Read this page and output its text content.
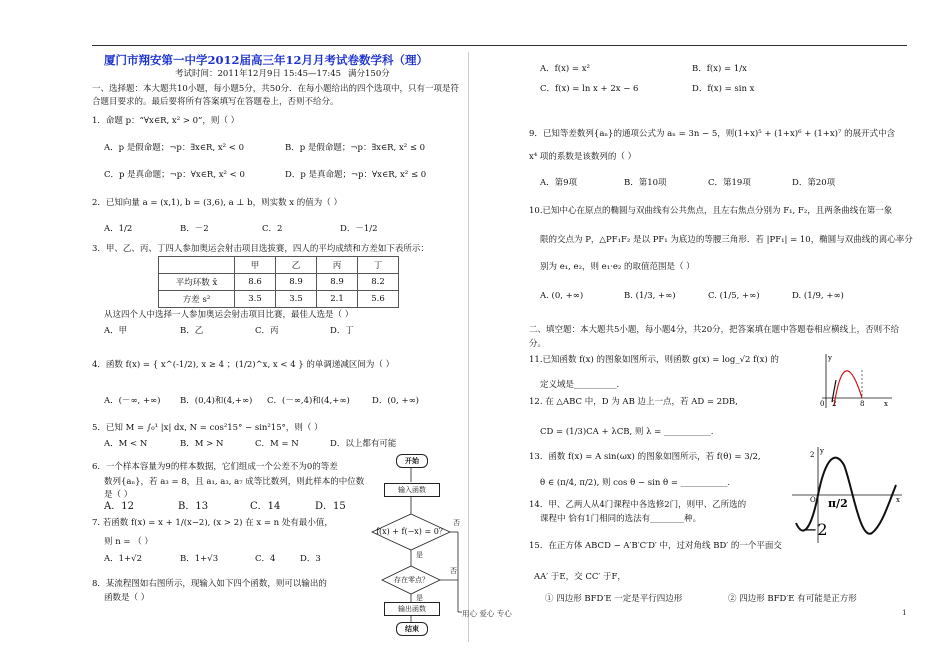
厦门市翔安第一中学2012届高三年12月月考试卷数学科（理）
考试时间：2011年12月9日 15:45—17:45 满分150分
一、选择题：本大题共10小题，每小题5分，共50分．在每小题给出的四个选项中，只有一项是符
合题目要求的。最后要将所有答案填写在答题卷上，否则不给分。
1．命题 p：“∀x∈R, x² > 0”，则（ ）
A．p 是假命题；¬p：∃x∈R, x² < 0	B．p 是假命题；¬p：∃x∈R, x² ≤ 0
C．p 是真命题；¬p：∀x∈R, x² < 0	D．p 是真命题；¬p：∀x∈R, x² ≤ 0
2．已知向量 a = (x,1), b = (3,6), a ⊥ b，则实数 x 的值为（ ）
A．1/2	B．－2	C．2	D．－1/2
3．甲、乙、丙、丁四人参加奥运会射击项目选拔赛，四人的平均成绩和方差如下表所示：
	甲	乙	丙	丁
平均环数 x̄	8.6	8.9	8.9	8.2
方差 s²	3.5	3.5	2.1	5.6
从这四个人中选择一人参加奥运会射击项目比赛，最佳人选是（ ）
A．甲	B．乙	C．丙	D．丁
4．函数 f(x) = { x^(-1/2), x ≥ 4 ；(1/2)^x, x < 4 } 的单调递减区间为（ ）
A．(－∞, +∞) B．(0,4)和(4,+∞) C．(－∞,4)和(4,+∞)	D．(0, +∞)
5．已知 M = ∫₀¹ |x| dx, N = cos²15° − sin²15°，则（ ）
A．M < N	B．M > N	C．M = N	D．以上都有可能
6．一个样本容量为9的样本数据，它们组成一个公差不为0的等差
数列{aₙ}，若 a₃ = 8，且 a₁, a₃, a₇ 成等比数列，则此样本的中位数
是（ ）
A．12	B．13	C．14	D．15
7. 若函数 f(x) = x + 1/(x−2), (x > 2) 在 x = n 处有最小值，
则 n = （ ）
A．1+√2	B．1+√3	C．4	D．3
8．某流程图如右图所示，现输入如下四个函数，则可以输出的
函数是（ ）
开始
输入函数
f(x) + f(−x) = 0？
是
否
存在零点？
是
否
输出函数
结束
A．f(x) = x²	B．f(x) = 1/x
C．f(x) = ln x + 2x − 6	D．f(x) = sin x
9．已知等差数列{aₙ}的通项公式为 aₙ = 3n − 5，则(1+x)⁵ + (1+x)⁶ + (1+x)⁷ 的展开式中含
x⁴ 项的系数是该数列的（ ）
A．第9项	B．第10项	C．第19项	D．第20项
10.已知中心在原点的椭圆与双曲线有公共焦点，且左右焦点分别为 F₁, F₂，且两条曲线在第一象
限的交点为 P，△PF₁F₂ 是以 PF₁ 为底边的等腰三角形．若 |PF₁| = 10，椭圆与双曲线的离心率分
别为 e₁, e₂，则 e₁·e₂ 的取值范围是（ ）
A. (0, +∞)	B. (1/3, +∞)	C. (1/5, +∞)	D. (1/9, +∞)
二、填空题：本大题共5小题，每小题4分，共20分，把答案填在题中答题卷相应横线上，否则不给
分。
11.已知函数 f(x) 的图象如图所示，则函数 g(x) = log_√2 f(x) 的
定义域是__________．
y
x
0 2	8
12. 在 △ABC 中，D 为 AB 边上一点，若 AD = 2DB,
CD = (1/3)CA + λCB, 则 λ = ___________.
13．函数 f(x) = A sin(ωx) 的图象如图所示，若 f(θ) = 3/2,
θ ∈ (π/4, π/2), 则 cos θ − sin θ = ___________.
y
x
O π/2
2
−2
14．甲、乙两人从4门课程中各选修2门，则甲、乙所选的
课程中 恰有1门相同的选法有________种。
15．在正方体 ABCD − A′B′C′D′ 中，过对角线 BD′ 的一个平面交
AA′ 于E，交 CC′ 于F，
① 四边形 BFD′E 一定是平行四边形	② 四边形 BFD′E 有可能是正方形
用心 爱心 专心	1
